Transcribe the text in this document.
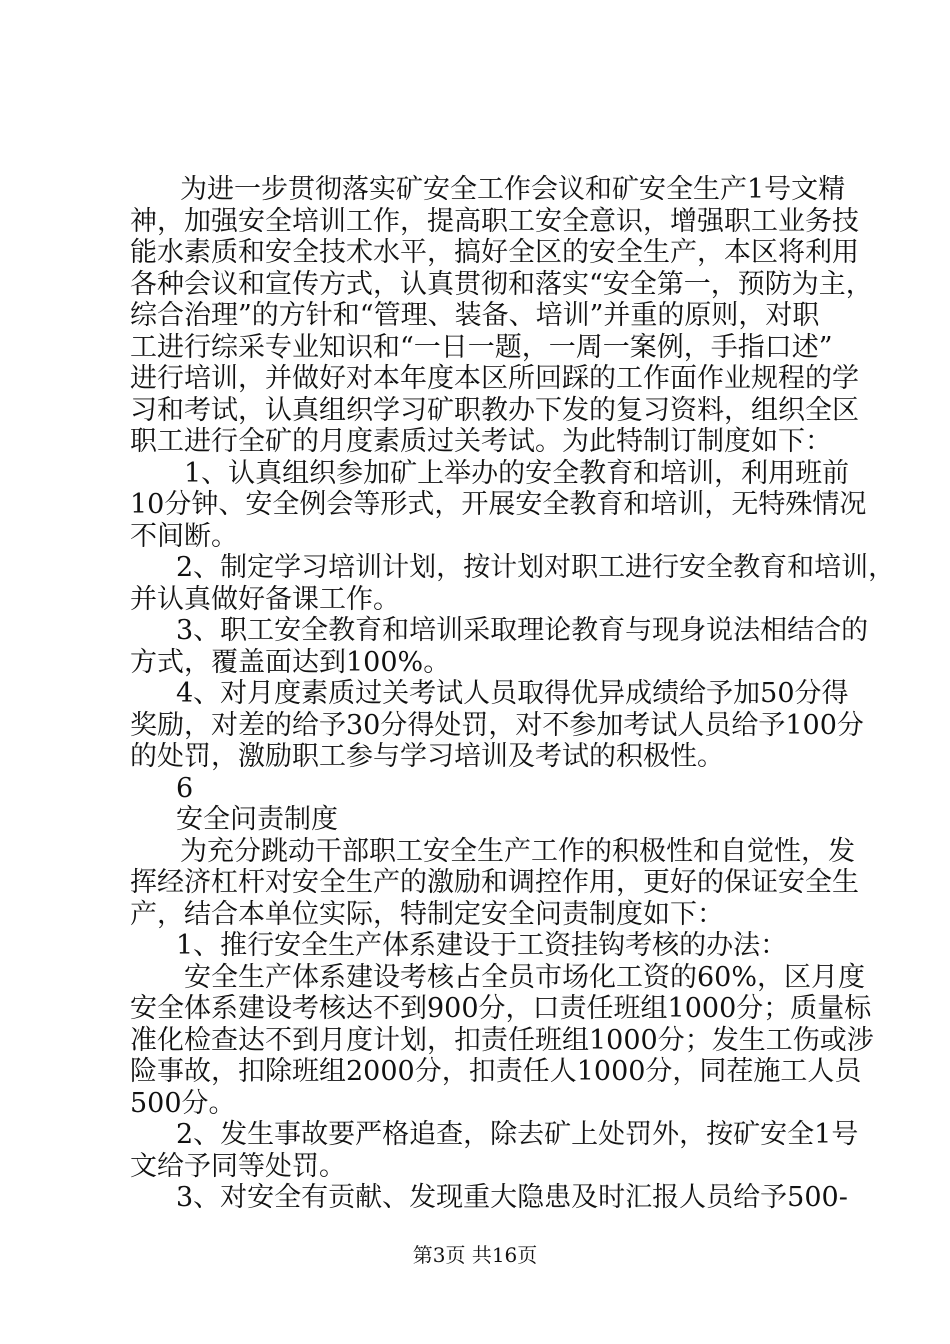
为进一步贯彻落实矿安全工作会议和矿安全生产1号文精
神，加强安全培训工作，提高职工安全意识，增强职工业务技
能水素质和安全技术水平，搞好全区的安全生产，本区将利用
各种会议和宣传方式，认真贯彻和落实“安全第一，预防为主，
综合治理”的方针和“管理、装备、培训”并重的原则，对职
工进行综采专业知识和“一日一题，一周一案例，手指口述”
进行培训，并做好对本年度本区所回踩的工作面作业规程的学
习和考试，认真组织学习矿职教办下发的复习资料，组织全区
职工进行全矿的月度素质过关考试。为此特制订制度如下：
1、认真组织参加矿上举办的安全教育和培训，利用班前
10分钟、安全例会等形式，开展安全教育和培训，无特殊情况
不间断。
2、制定学习培训计划，按计划对职工进行安全教育和培训，
并认真做好备课工作。
3、职工安全教育和培训采取理论教育与现身说法相结合的
方式，覆盖面达到100%。
4、对月度素质过关考试人员取得优异成绩给予加50分得
奖励，对差的给予30分得处罚，对不参加考试人员给予100分
的处罚，激励职工参与学习培训及考试的积极性。
6
安全问责制度
为充分跳动干部职工安全生产工作的积极性和自觉性，发
挥经济杠杆对安全生产的激励和调控作用，更好的保证安全生
产，结合本单位实际，特制定安全问责制度如下：
1、推行安全生产体系建设于工资挂钩考核的办法：
安全生产体系建设考核占全员市场化工资的60%，区月度
安全体系建设考核达不到900分，口责任班组1000分；质量标
准化检查达不到月度计划，扣责任班组1000分；发生工伤或涉
险事故，扣除班组2000分，扣责任人1000分，同茬施工人员
500分。
2、发生事故要严格追查，除去矿上处罚外，按矿安全1号
文给予同等处罚。
3、对安全有贡献、发现重大隐患及时汇报人员给予500-
第3页 共16页
